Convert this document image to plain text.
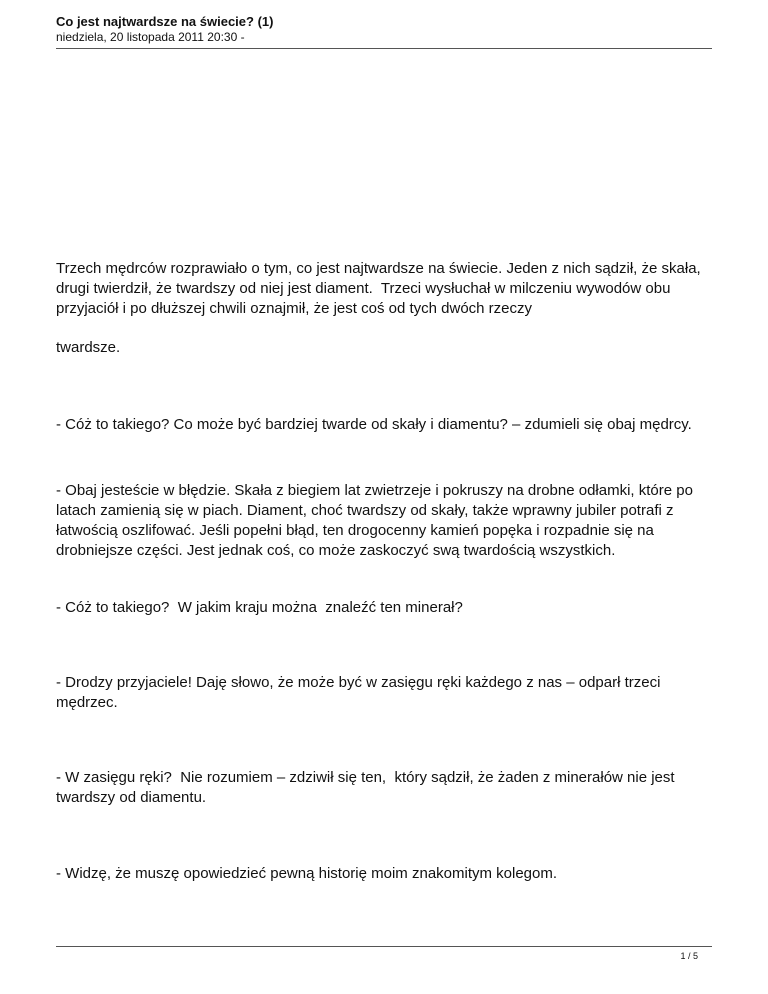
Co jest najtwardsze na świecie? (1)

niedziela, 20 listopada 2011 20:30 -

Trzech mędrców rozprawiało o tym, co jest najtwardsze na świecie. Jeden z nich sądził, że skała, drugi twierdził, że twardszy od niej jest diament.  Trzeci wysłuchał w milczeniu wywodów obu przyjaciół i po dłuższej chwili oznajmił, że jest coś od tych dwóch rzeczy

twardsze.

- Cóż to takiego? Co może być bardziej twarde od skały i diamentu? – zdumieli się obaj mędrcy.

- Obaj jesteście w błędzie. Skała z biegiem lat zwietrzeje i pokruszy na drobne odłamki, które po latach zamienią się w piach. Diament, choć twardszy od skały, także wprawny jubiler potrafi z łatwością oszlifować. Jeśli popełni błąd, ten drogocenny kamień popęka i rozpadnie się na drobniejsze części. Jest jednak coś, co może zaskoczyć swą twardością wszystkich.

- Cóż to takiego?  W jakim kraju można  znaleźć ten minerał?

- Drodzy przyjaciele! Daję słowo, że może być w zasięgu ręki każdego z nas – odparł trzeci mędrzec.

- W zasięgu ręki?  Nie rozumiem – zdziwił się ten,  który sądził, że żaden z minerałów nie jest twardszy od diamentu.

- Widzę, że muszę opowiedzieć pewną historię moim znakomitym kolegom.

1 / 5
